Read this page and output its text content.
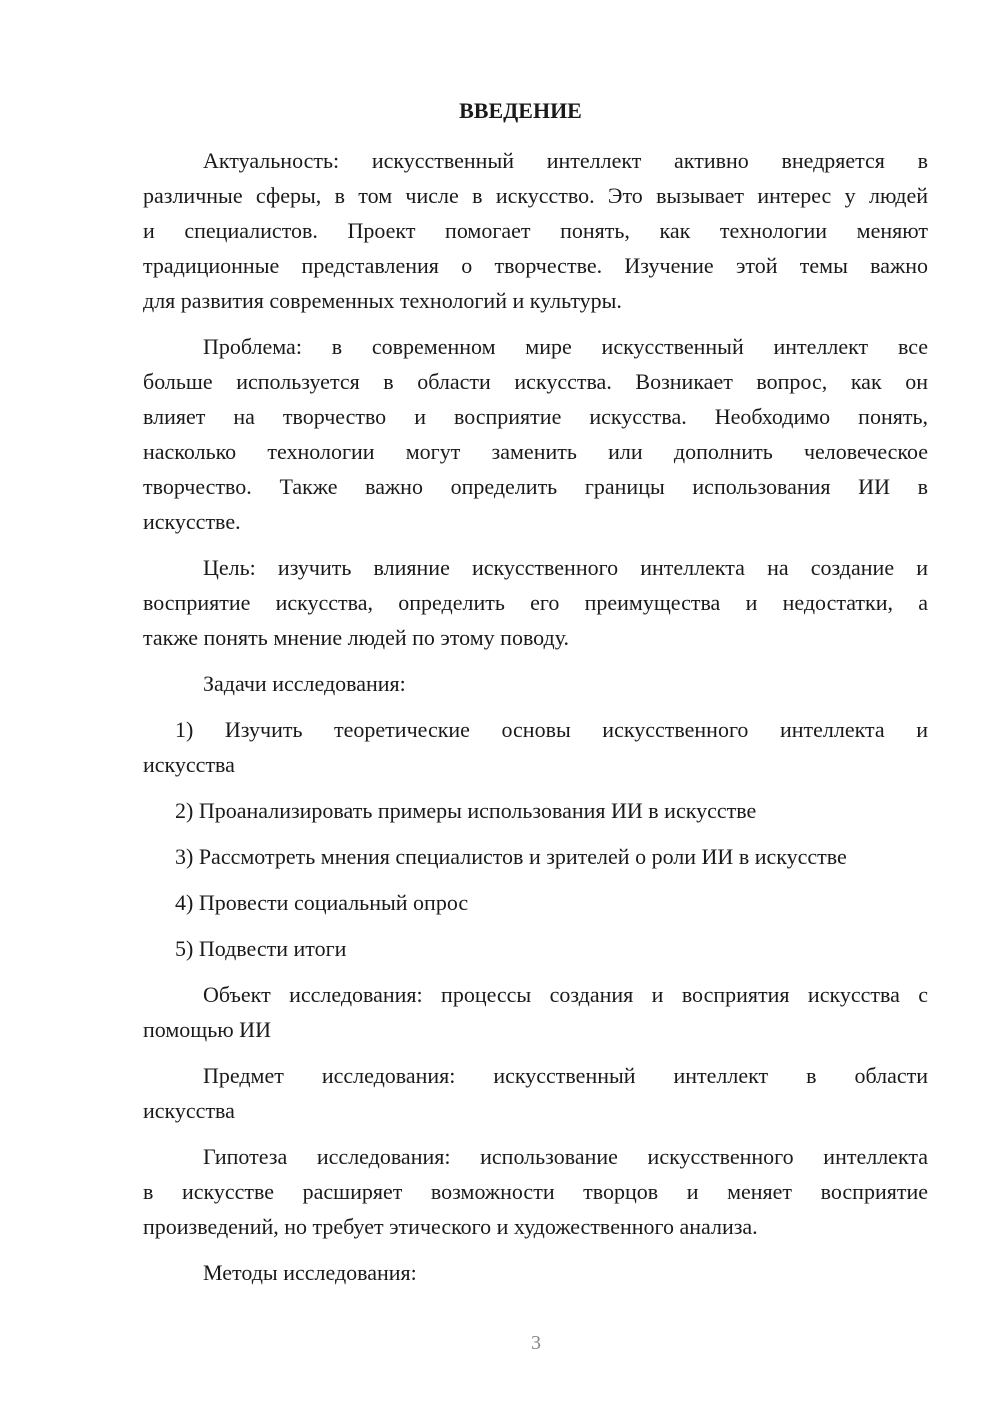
ВВЕДЕНИЕ
Актуальность: искусственный интеллект активно внедряется в
различные сферы, в том числе в искусство. Это вызывает интерес у людей
и специалистов. Проект помогает понять, как технологии меняют
традиционные представления о творчестве. Изучение этой темы важно
для развития современных технологий и культуры.
Проблема: в современном мире искусственный интеллект все
больше используется в области искусства. Возникает вопрос, как он
влияет на творчество и восприятие искусства. Необходимо понять,
насколько технологии могут заменить или дополнить человеческое
творчество. Также важно определить границы использования ИИ в
искусстве.
Цель: изучить влияние искусственного интеллекта на создание и
восприятие искусства, определить его преимущества и недостатки, а
также понять мнение людей по этому поводу.
Задачи исследования:
1) Изучить теоретические основы искусственного интеллекта и
искусства
2) Проанализировать примеры использования ИИ в искусстве
3) Рассмотреть мнения специалистов и зрителей о роли ИИ в искусстве
4) Провести социальный опрос
5) Подвести итоги
Объект исследования: процессы создания и восприятия искусства с
помощью ИИ
Предмет исследования: искусственный интеллект в области
искусства
Гипотеза исследования: использование искусственного интеллекта
в искусстве расширяет возможности творцов и меняет восприятие
произведений, но требует этического и художественного анализа.
Методы исследования:
3
